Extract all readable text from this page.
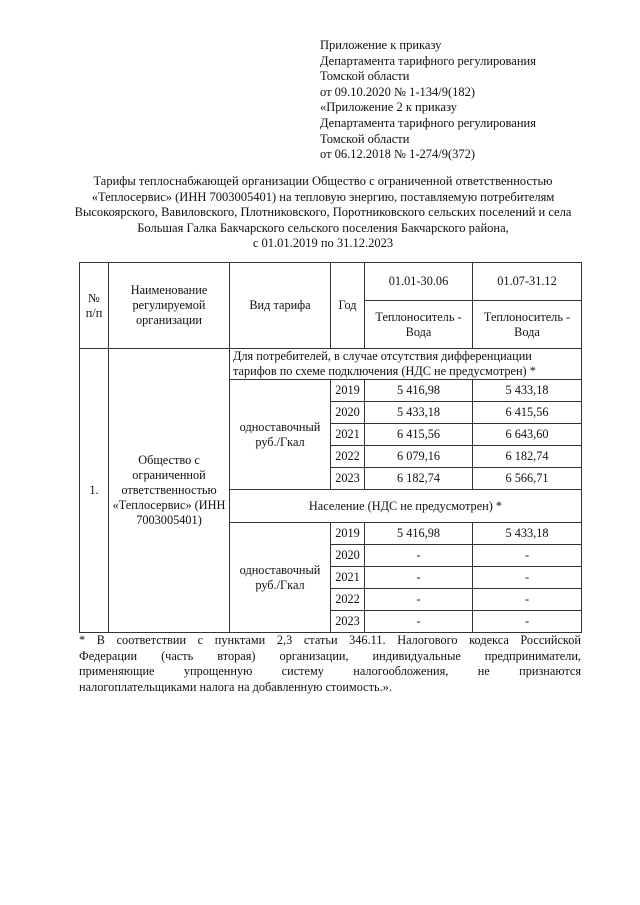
Приложение к приказу
Департамента тарифного регулирования
Томской области
от 09.10.2020 № 1-134/9(182)
«Приложение 2 к приказу
Департамента тарифного регулирования
Томской области
от 06.12.2018 № 1-274/9(372)
Тарифы теплоснабжающей организации Общество с ограниченной ответственностью
«Теплосервис» (ИНН 7003005401) на тепловую энергию, поставляемую потребителям
Высокоярского, Вавиловского, Плотниковского, Поротниковского сельских поселений и села
Большая Галка Бакчарского сельского поселения Бакчарского района,
с 01.01.2019 по 31.12.2023
№ п/п	Наименование регулируемой организации	Вид тарифа	Год	01.01-30.06	01.07-31.12
				Теплоноситель - Вода	Теплоноситель - Вода
1.	Общество с ограниченной ответственностью «Теплосервис» (ИНН 7003005401)	Для потребителей, в случае отсутствия дифференциации тарифов по схеме подключения (НДС не предусмотрен) *			
		одноставочный руб./Гкал	2019	5 416,98	5 433,18
			2020	5 433,18	6 415,56
			2021	6 415,56	6 643,60
			2022	6 079,16	6 182,74
			2023	6 182,74	6 566,71
		Население (НДС не предусмотрен) *			
		одноставочный руб./Гкал	2019	5 416,98	5 433,18
			2020	-	-
			2021	-	-
			2022	-	-
			2023	-	-
* В соответствии с пунктами 2,3 статьи 346.11. Налогового кодекса Российской
Федерации (часть вторая) организации, индивидуальные предприниматели,
применяющие упрощенную систему налогообложения, не признаются
налогоплательщиками налога на добавленную стоимость.».
